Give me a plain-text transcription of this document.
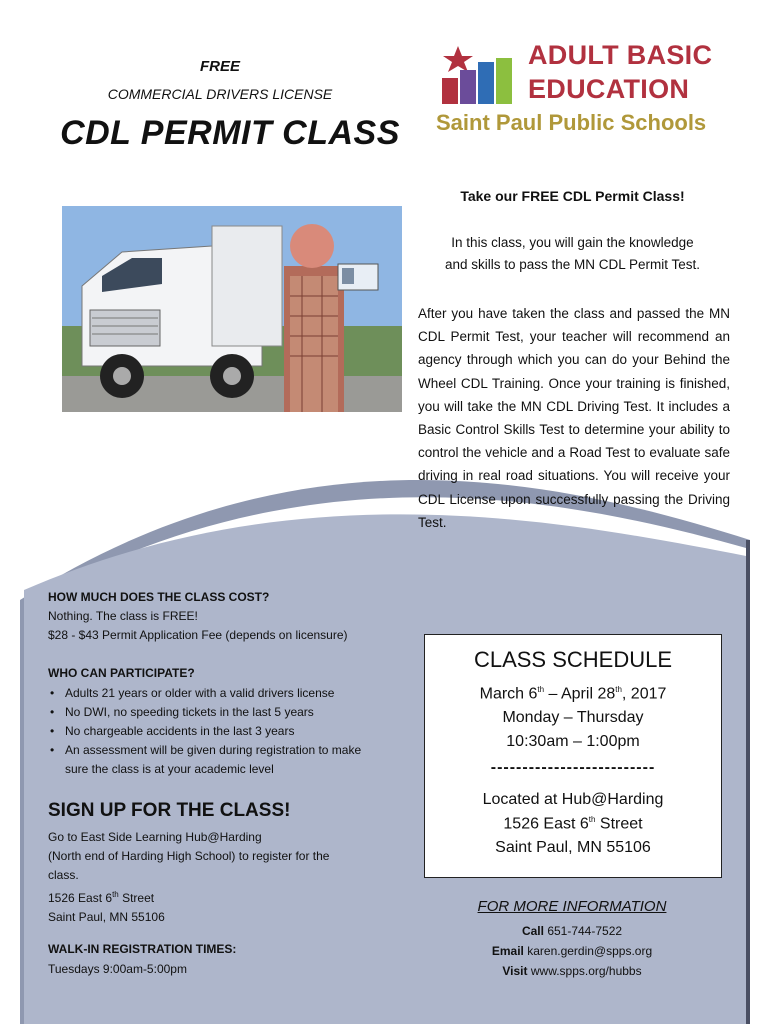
FREE
COMMERCIAL DRIVERS LICENSE
CDL PERMIT CLASS
ADULT BASIC
EDUCATION
Saint Paul Public Schools
Take our FREE CDL Permit Class!
In this class, you will gain the knowledge
and skills to pass the MN CDL Permit Test.
After you have taken the class and passed the MN CDL Permit Test, your teacher will recommend an agency through which you can do your Behind the Wheel CDL Training. Once your training is finished, you will take the MN CDL Driving Test. It includes a Basic Control Skills Test to determine your ability to control the vehicle and a Road Test to evaluate safe driving in real road situations. You will receive your CDL License upon successfully passing the Driving Test.
HOW MUCH DOES THE CLASS COST?
Nothing. The class is FREE!
$28 - $43 Permit Application Fee (depends on licensure)
WHO CAN PARTICIPATE?
• Adults 21 years or older with a valid drivers license
• No DWI, no speeding tickets in the last 5 years
• No chargeable accidents in the last 3 years
• An assessment will be given during registration to make sure the class is at your academic level
SIGN UP FOR THE CLASS!
Go to East Side Learning Hub@Harding
(North end of Harding High School) to register for the class.
1526 East 6th Street
Saint Paul, MN 55106
WALK-IN REGISTRATION TIMES:
Tuesdays 9:00am-5:00pm
CLASS SCHEDULE
March 6th – April 28th, 2017
Monday – Thursday
10:30am – 1:00pm
--------------------------
Located at Hub@Harding
1526 East 6th Street
Saint Paul, MN 55106
FOR MORE INFORMATION
Call 651-744-7522
Email karen.gerdin@spps.org
Visit www.spps.org/hubbs
